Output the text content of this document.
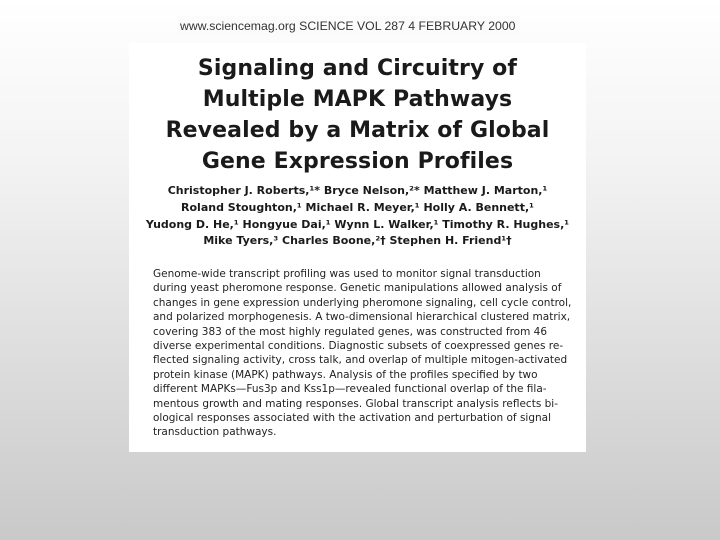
www.sciencemag.org SCIENCE VOL 287 4 FEBRUARY 2000
Signaling and Circuitry of
Multiple MAPK Pathways
Revealed by a Matrix of Global
Gene Expression Profiles
Christopher J. Roberts,¹* Bryce Nelson,²* Matthew J. Marton,¹
Roland Stoughton,¹ Michael R. Meyer,¹ Holly A. Bennett,¹
Yudong D. He,¹ Hongyue Dai,¹ Wynn L. Walker,¹ Timothy R. Hughes,¹
Mike Tyers,³ Charles Boone,²† Stephen H. Friend¹†
Genome-wide transcript profiling was used to monitor signal transduction
during yeast pheromone response. Genetic manipulations allowed analysis of
changes in gene expression underlying pheromone signaling, cell cycle control,
and polarized morphogenesis. A two-dimensional hierarchical clustered matrix,
covering 383 of the most highly regulated genes, was constructed from 46
diverse experimental conditions. Diagnostic subsets of coexpressed genes re-
flected signaling activity, cross talk, and overlap of multiple mitogen-activated
protein kinase (MAPK) pathways. Analysis of the profiles specified by two
different MAPKs—Fus3p and Kss1p—revealed functional overlap of the fila-
mentous growth and mating responses. Global transcript analysis reflects bi-
ological responses associated with the activation and perturbation of signal
transduction pathways.
